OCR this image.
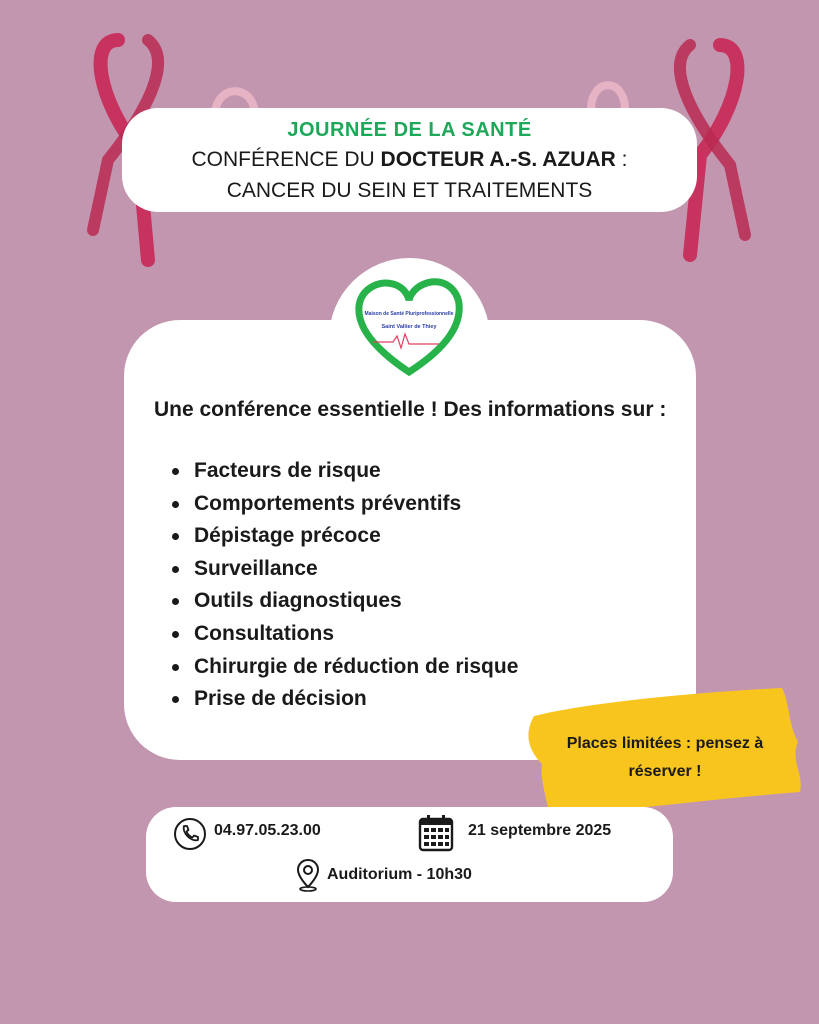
JOURNÉE DE LA SANTÉ
CONFÉRENCE DU DOCTEUR A.-S. AZUAR :
CANCER DU SEIN ET TRAITEMENTS
Maison de Santé Pluriprofessionnelle
Saint Vallier de Thiey
Une conférence essentielle ! Des informations sur :
Facteurs de risque
Comportements préventifs
Dépistage précoce
Surveillance
Outils diagnostiques
Consultations
Chirurgie de réduction de risque
Prise de décision
Places limitées : pensez à
réserver !
04.97.05.23.00	21 septembre 2025
Auditorium - 10h30
